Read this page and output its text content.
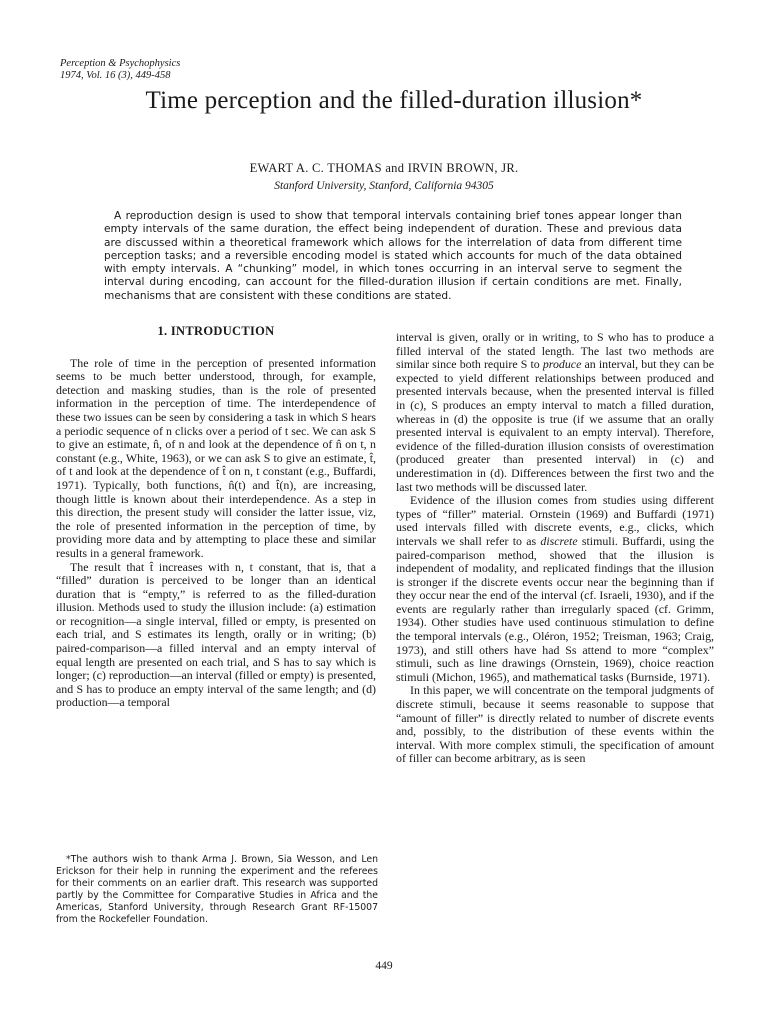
Perception & Psychophysics
1974, Vol. 16 (3), 449-458
Time perception and the filled-duration illusion*
EWART A. C. THOMAS and IRVIN BROWN, JR.
Stanford University, Stanford, California 94305

A reproduction design is used to show that temporal intervals containing brief tones appear longer than empty intervals of the same duration, the effect being independent of duration. These and previous data are discussed within a theoretical framework which allows for the interrelation of data from different time perception tasks; and a reversible encoding model is stated which accounts for much of the data obtained with empty intervals. A “chunking” model, in which tones occurring in an interval serve to segment the interval during encoding, can account for the filled-duration illusion if certain conditions are met. Finally, mechanisms that are consistent with these conditions are stated.

1. INTRODUCTION

The role of time in the perception of presented information seems to be much better understood, through, for example, detection and masking studies, than is the role of presented information in the perception of time. The interdependence of these two issues can be seen by considering a task in which S hears a periodic sequence of n clicks over a period of t sec. We can ask S to give an estimate, n̂, of n and look at the dependence of n̂ on t, n constant (e.g., White, 1963), or we can ask S to give an estimate, t̂, of t and look at the dependence of t̂ on n, t constant (e.g., Buffardi, 1971). Typically, both functions, n̂(t) and t̂(n), are increasing, though little is known about their interdependence. As a step in this direction, the present study will consider the latter issue, viz, the role of presented information in the perception of time, by providing more data and by attempting to place these and similar results in a general framework.

The result that t̂ increases with n, t constant, that is, that a “filled” duration is perceived to be longer than an identical duration that is “empty,” is referred to as the filled-duration illusion. Methods used to study the illusion include: (a) estimation or recognition—a single interval, filled or empty, is presented on each trial, and S estimates its length, orally or in writing; (b) paired-comparison—a filled interval and an empty interval of equal length are presented on each trial, and S has to say which is longer; (c) reproduction—an interval (filled or empty) is presented, and S has to produce an empty interval of the same length; and (d) production—a temporal

*The authors wish to thank Arma J. Brown, Sia Wesson, and Len Erickson for their help in running the experiment and the referees for their comments on an earlier draft. This research was supported partly by the Committee for Comparative Studies in Africa and the Americas, Stanford University, through Research Grant RF-15007 from the Rockefeller Foundation.

interval is given, orally or in writing, to S who has to produce a filled interval of the stated length. The last two methods are similar since both require S to produce an interval, but they can be expected to yield different relationships between produced and presented intervals because, when the presented interval is filled in (c), S produces an empty interval to match a filled duration, whereas in (d) the opposite is true (if we assume that an orally presented interval is equivalent to an empty interval). Therefore, evidence of the filled-duration illusion consists of overestimation (produced greater than presented interval) in (c) and underestimation in (d). Differences between the first two and the last two methods will be discussed later.

Evidence of the illusion comes from studies using different types of “filler” material. Ornstein (1969) and Buffardi (1971) used intervals filled with discrete events, e.g., clicks, which intervals we shall refer to as discrete stimuli. Buffardi, using the paired-comparison method, showed that the illusion is independent of modality, and replicated findings that the illusion is stronger if the discrete events occur near the beginning than if they occur near the end of the interval (cf. Israeli, 1930), and if the events are regularly rather than irregularly spaced (cf. Grimm, 1934). Other studies have used continuous stimulation to define the temporal intervals (e.g., Oléron, 1952; Treisman, 1963; Craig, 1973), and still others have had Ss attend to more “complex” stimuli, such as line drawings (Ornstein, 1969), choice reaction stimuli (Michon, 1965), and mathematical tasks (Burnside, 1971).

In this paper, we will concentrate on the temporal judgments of discrete stimuli, because it seems reasonable to suppose that “amount of filler” is directly related to number of discrete events and, possibly, to the distribution of these events within the interval. With more complex stimuli, the specification of amount of filler can become arbitrary, as is seen

449
